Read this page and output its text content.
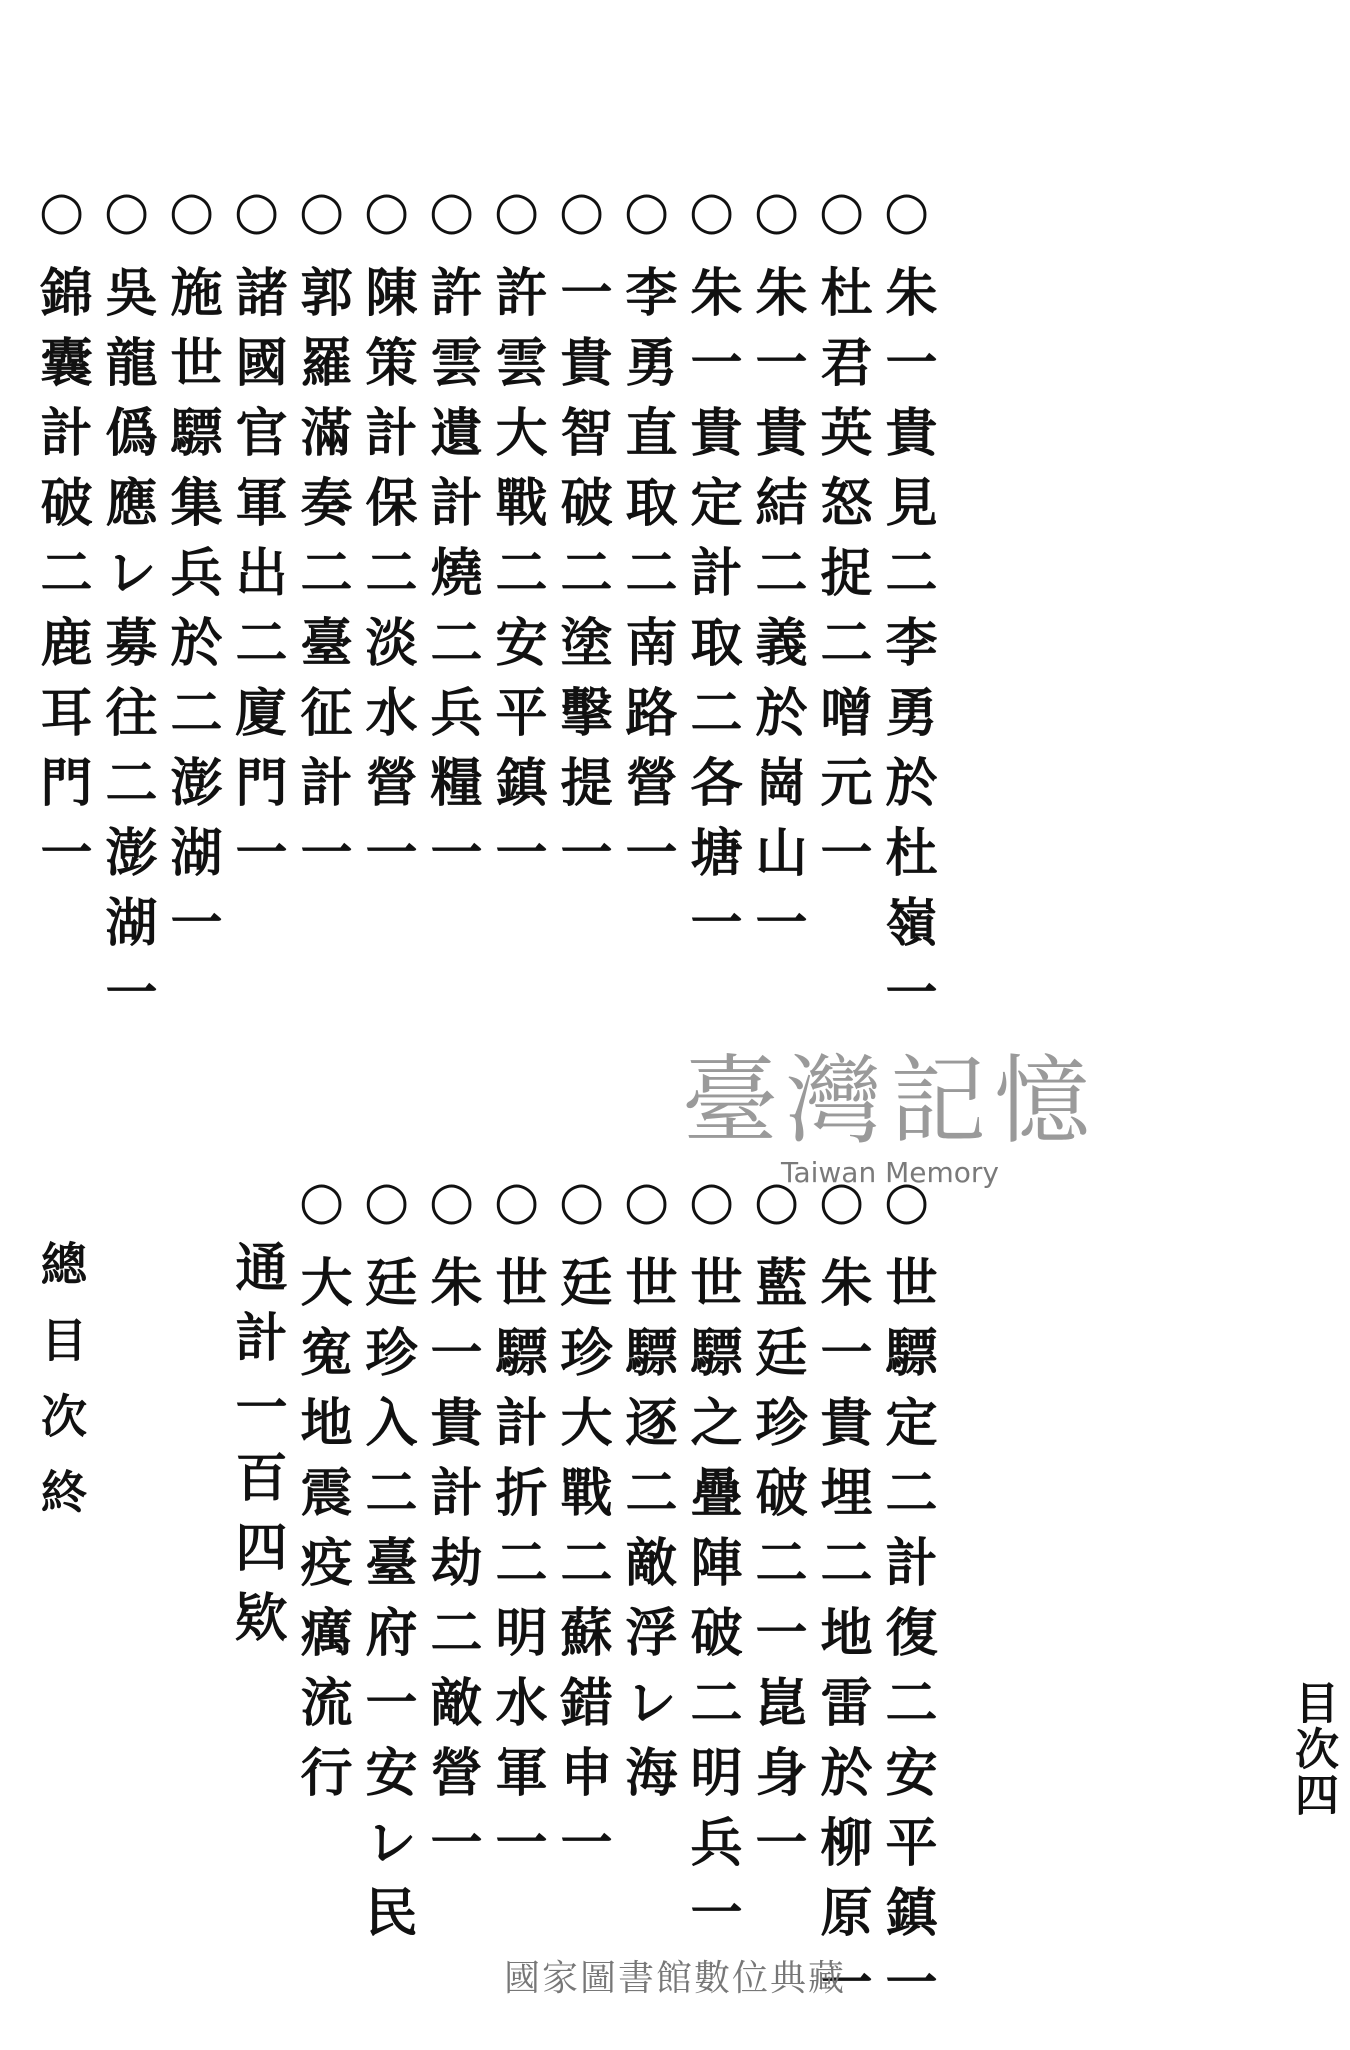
目次四
○朱一貴見二李勇於杜嶺一
○杜君英怒捉二噌元一
○朱一貴結二義於崗山一
○朱一貴定計取二各塘一
○李勇直取二南路營一
○一貴智破二塗擊提一
○許雲大戰二安平鎮一
○許雲遺計燒二兵糧一
○陳策計保二淡水營一
○郭羅滿奏二臺征計一
○諸國官軍出二廈門一
○施世驃集兵於二澎湖一
○吳龍僞應レ募往二澎湖一
○錦囊計破二鹿耳門一
○世驃定二計復二安平鎮一
○朱一貴埋二地雷於柳原一
○藍廷珍破二一崑身一
○世驃之疊陣破二明兵一
○世驃逐二敵浮レ海
○廷珍大戰二蘇錯申一
○世驃計折二明水軍一
○朱一貴計劫二敵營一
○廷珍入二臺府一安レ民
○大寃地震疫癘流行
通計一百四欵
總目次終
臺灣記憶
Taiwan Memory
國家圖書館數位典藏
